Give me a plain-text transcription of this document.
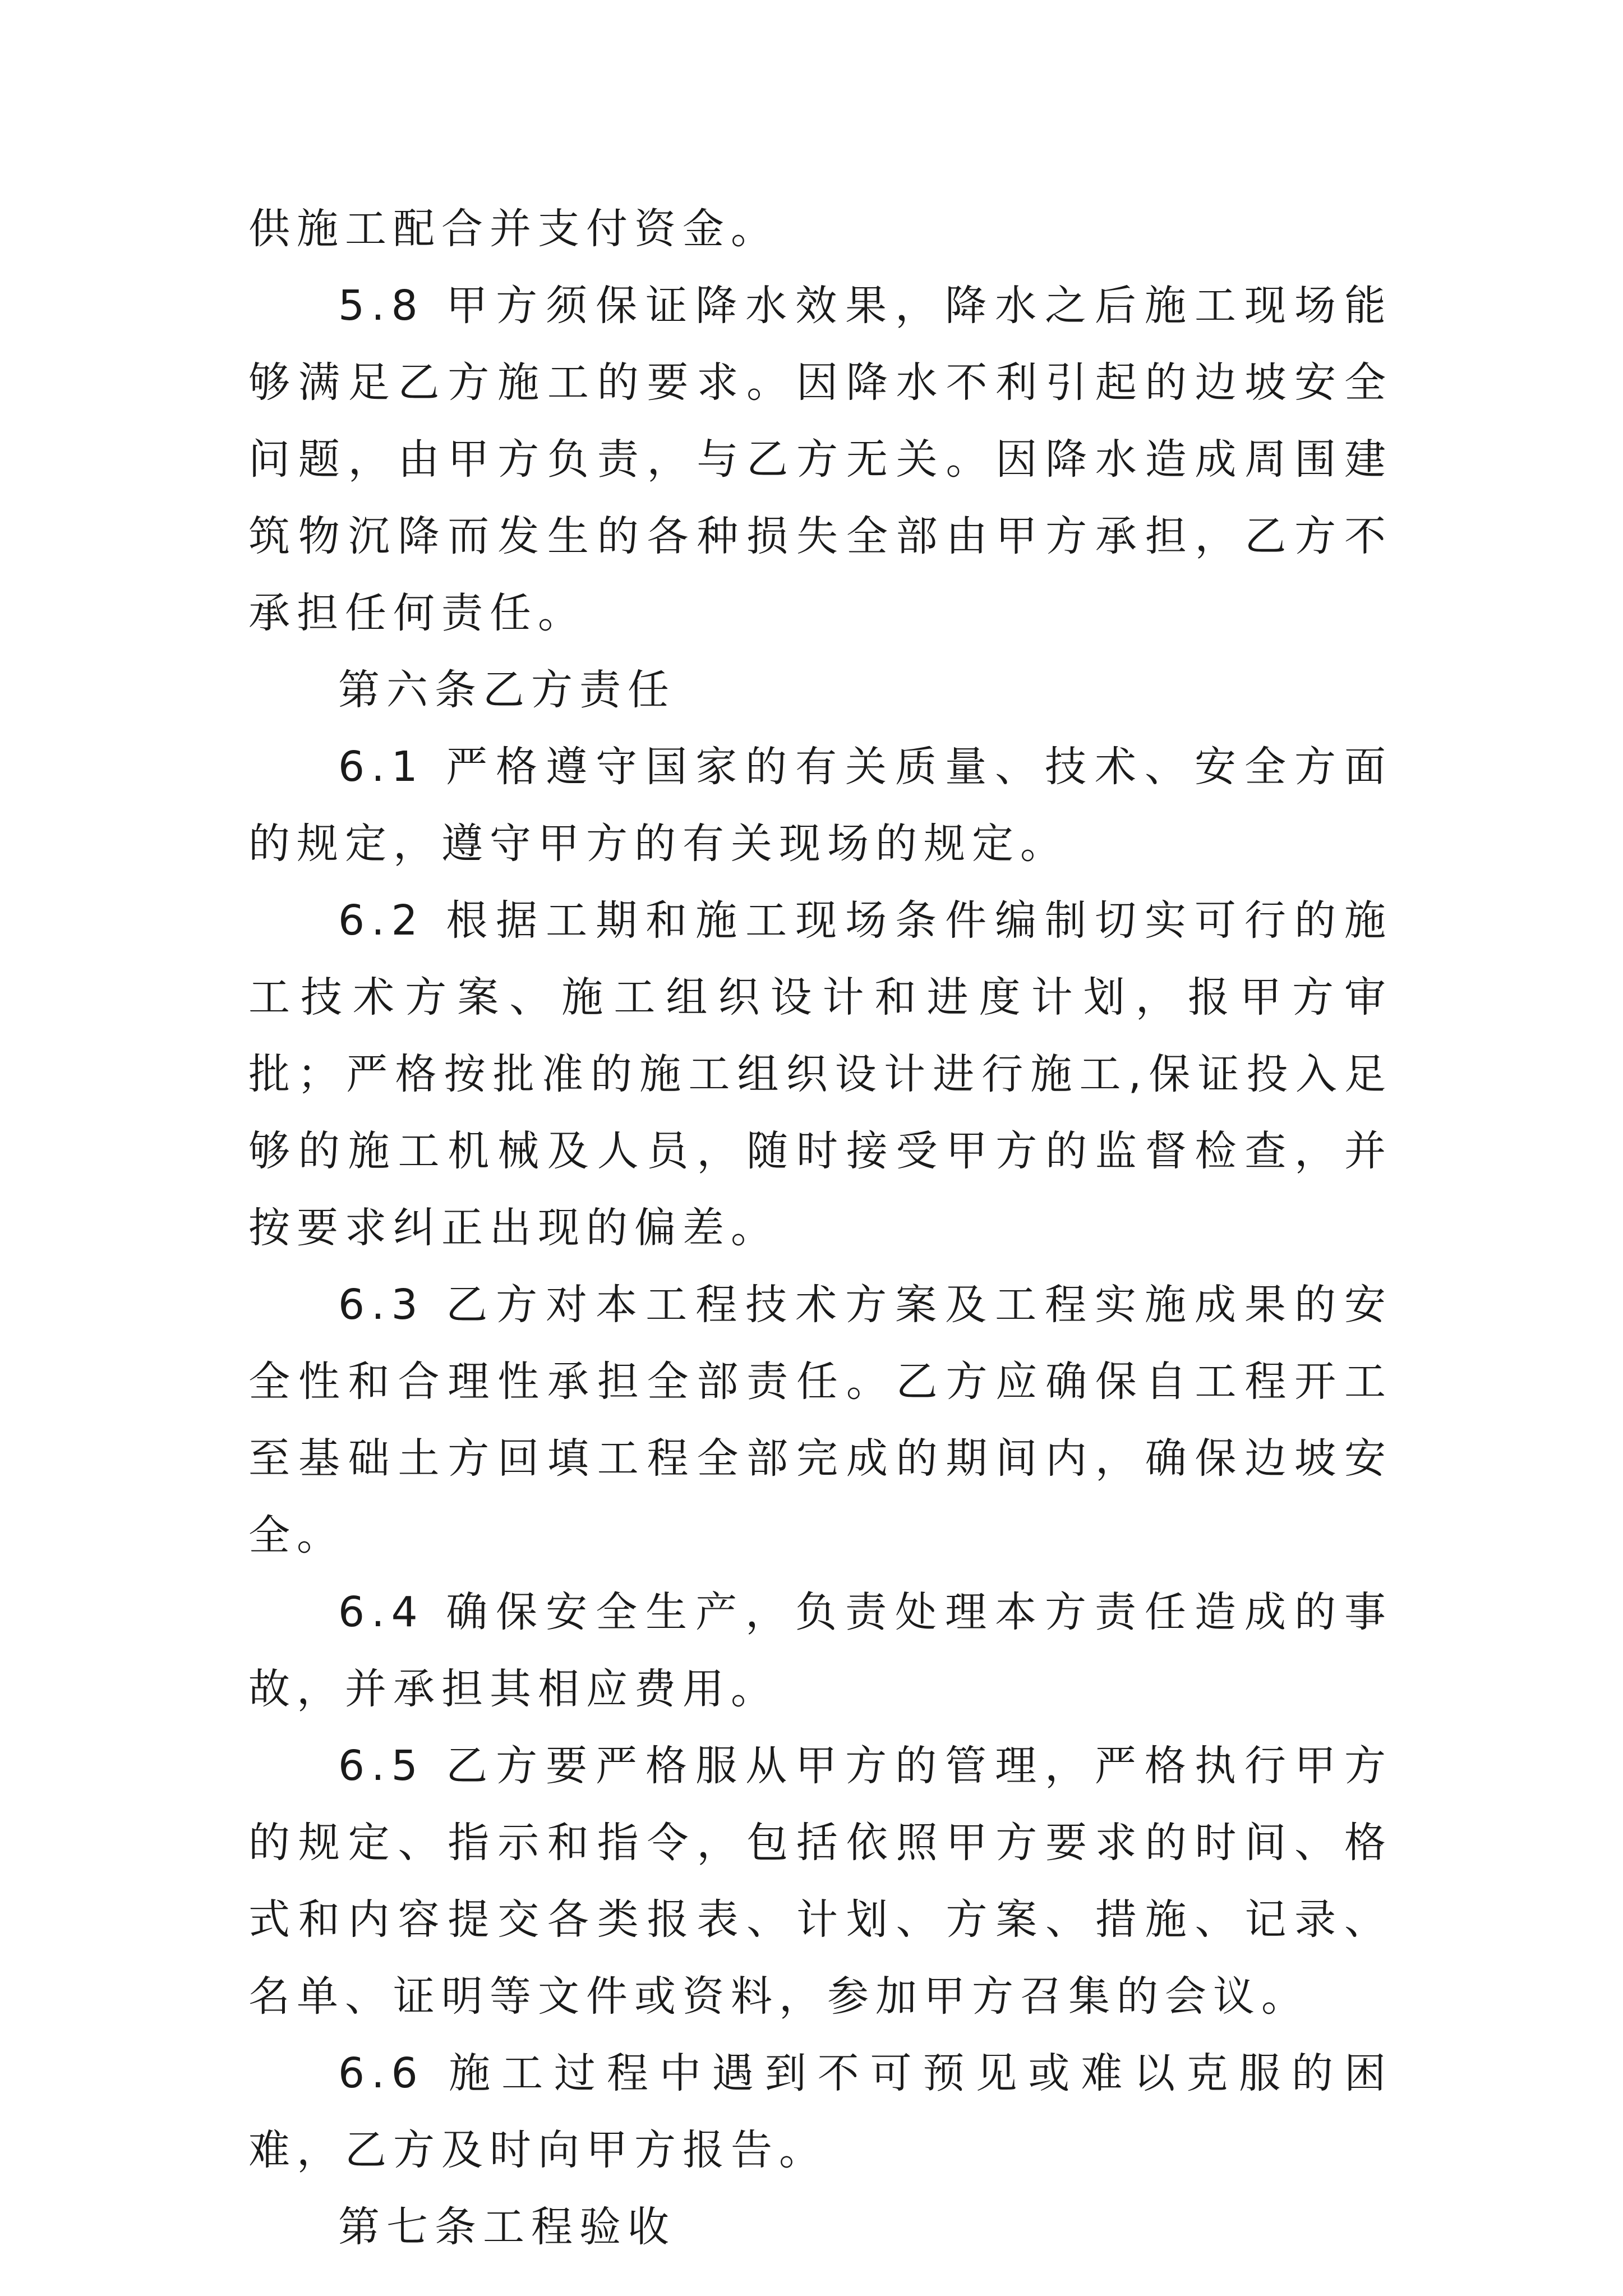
供施工配合并支付资金。

5.8 甲方须保证降水效果，降水之后施工现场能够满足乙方施工的要求。因降水不利引起的边坡安全问题，由甲方负责，与乙方无关。因降水造成周围建筑物沉降而发生的各种损失全部由甲方承担，乙方不承担任何责任。

第六条乙方责任

6.1 严格遵守国家的有关质量、技术、安全方面的规定，遵守甲方的有关现场的规定。

6.2 根据工期和施工现场条件编制切实可行的施工技术方案、施工组织设计和进度计划，报甲方审批；严格按批准的施工组织设计进行施工,保证投入足够的施工机械及人员，随时接受甲方的监督检查，并按要求纠正出现的偏差。

6.3 乙方对本工程技术方案及工程实施成果的安全性和合理性承担全部责任。乙方应确保自工程开工至基础土方回填工程全部完成的期间内，确保边坡安全。

6.4 确保安全生产，负责处理本方责任造成的事故，并承担其相应费用。

6.5 乙方要严格服从甲方的管理，严格执行甲方的规定、指示和指令，包括依照甲方要求的时间、格式和内容提交各类报表、计划、方案、措施、记录、名单、证明等文件或资料，参加甲方召集的会议。

6.6 施工过程中遇到不可预见或难以克服的困难，乙方及时向甲方报告。

第七条工程验收
